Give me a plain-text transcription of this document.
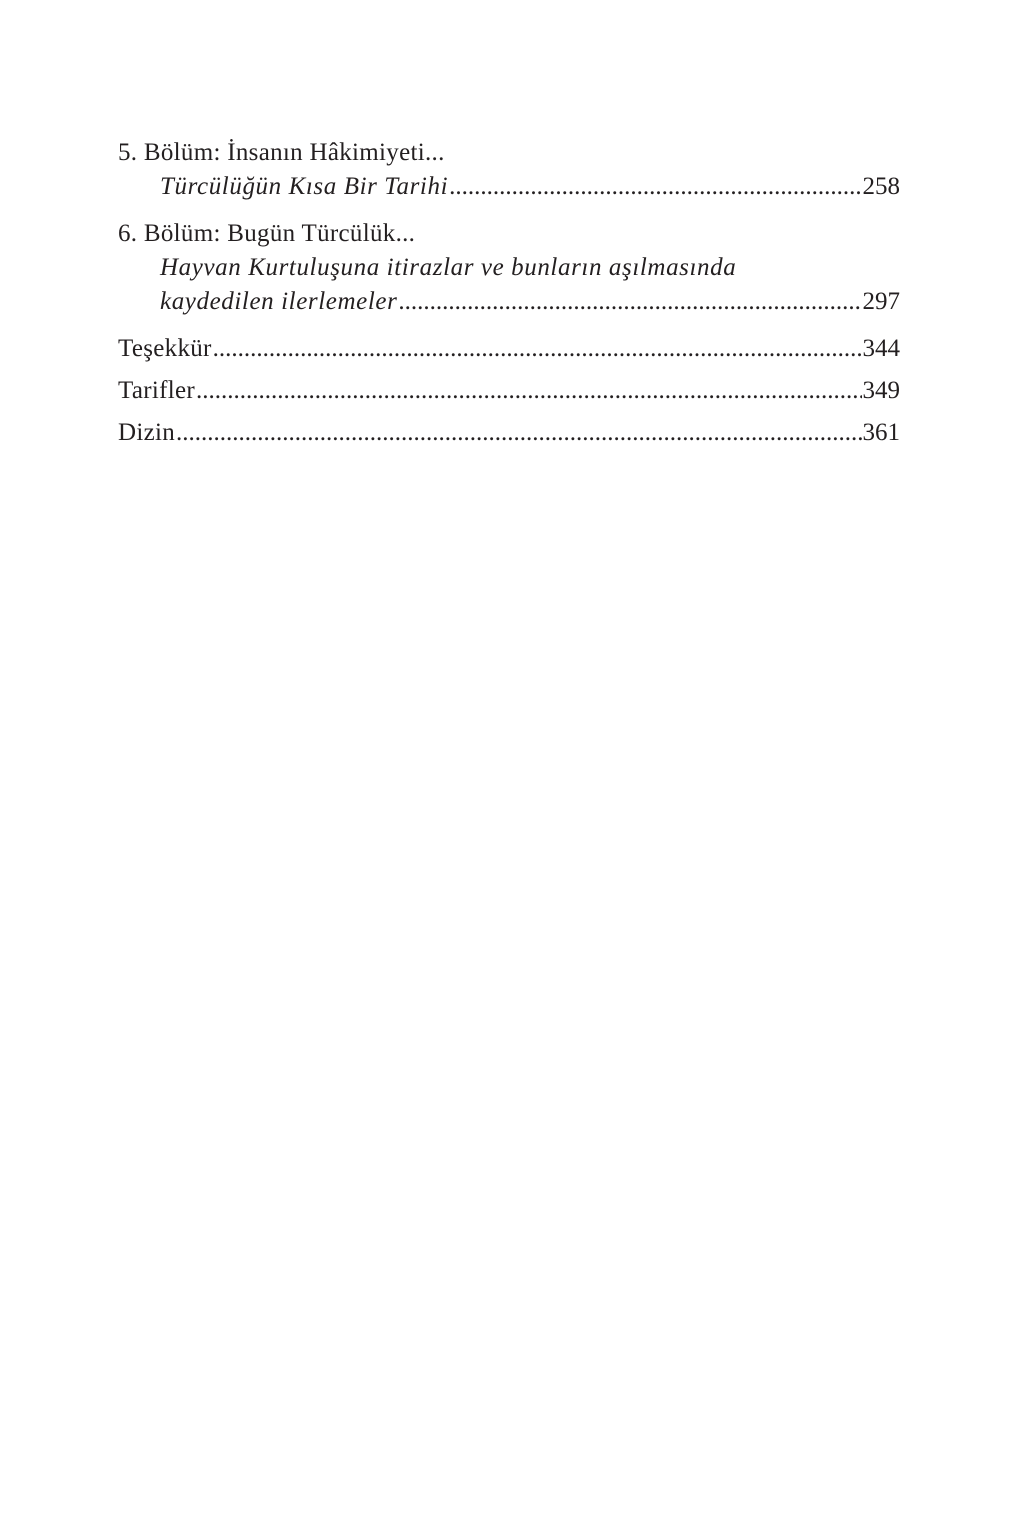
5. Bölüm: İnsanın Hâkimiyeti...
Türcülüğün Kısa Bir Tarihi .....	258
6. Bölüm: Bugün Türcülük...
Hayvan Kurtuluşuna itirazlar ve bunların aşılmasında
kaydedilen ilerlemeler .....	297
Teşekkür .....	344
Tarifler .....	349
Dizin .....	361
